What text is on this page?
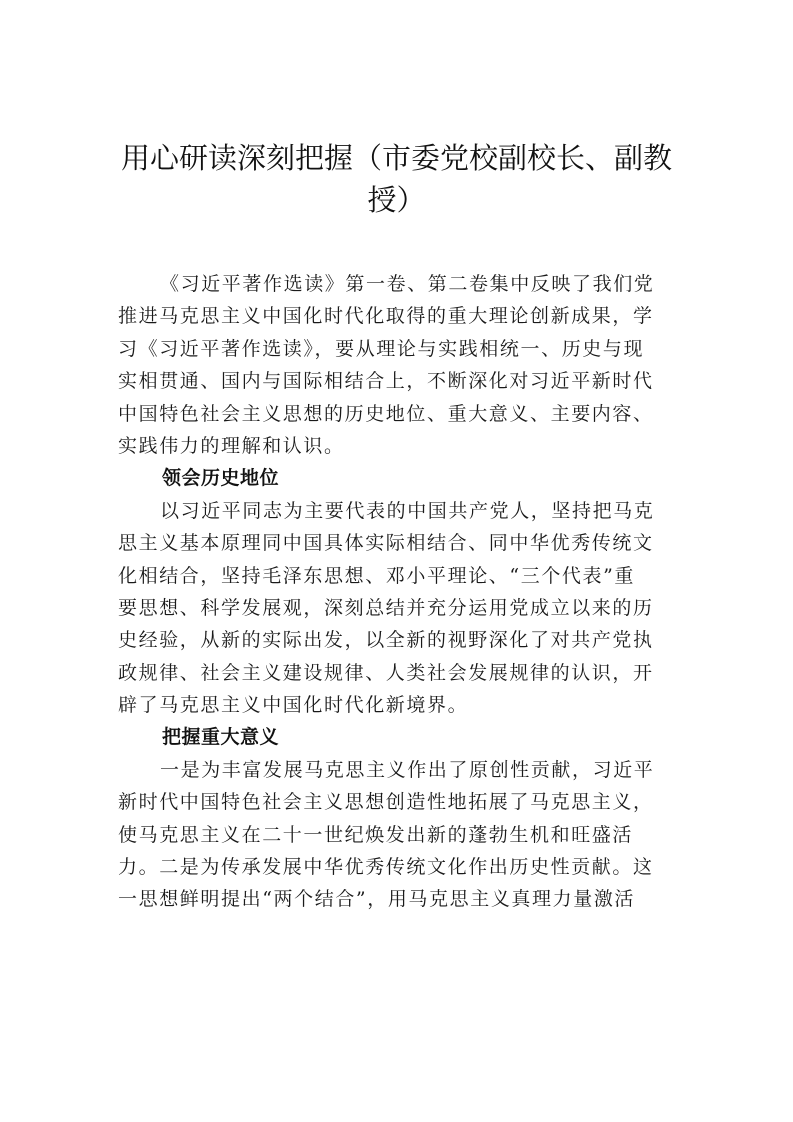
用心研读深刻把握（市委党校副校长、副教
授）
《习近平著作选读》第一卷、第二卷集中反映了我们党
推进马克思主义中国化时代化取得的重大理论创新成果，学
习《习近平著作选读》，要从理论与实践相统一、历史与现
实相贯通、国内与国际相结合上，不断深化对习近平新时代
中国特色社会主义思想的历史地位、重大意义、主要内容、
实践伟力的理解和认识。
领会历史地位
以习近平同志为主要代表的中国共产党人，坚持把马克
思主义基本原理同中国具体实际相结合、同中华优秀传统文
化相结合，坚持毛泽东思想、邓小平理论、“三个代表”重
要思想、科学发展观，深刻总结并充分运用党成立以来的历
史经验，从新的实际出发，以全新的视野深化了对共产党执
政规律、社会主义建设规律、人类社会发展规律的认识，开
辟了马克思主义中国化时代化新境界。
把握重大意义
一是为丰富发展马克思主义作出了原创性贡献，习近平
新时代中国特色社会主义思想创造性地拓展了马克思主义，
使马克思主义在二十一世纪焕发出新的蓬勃生机和旺盛活
力。二是为传承发展中华优秀传统文化作出历史性贡献。这
一思想鲜明提出“两个结合”，用马克思主义真理力量激活
